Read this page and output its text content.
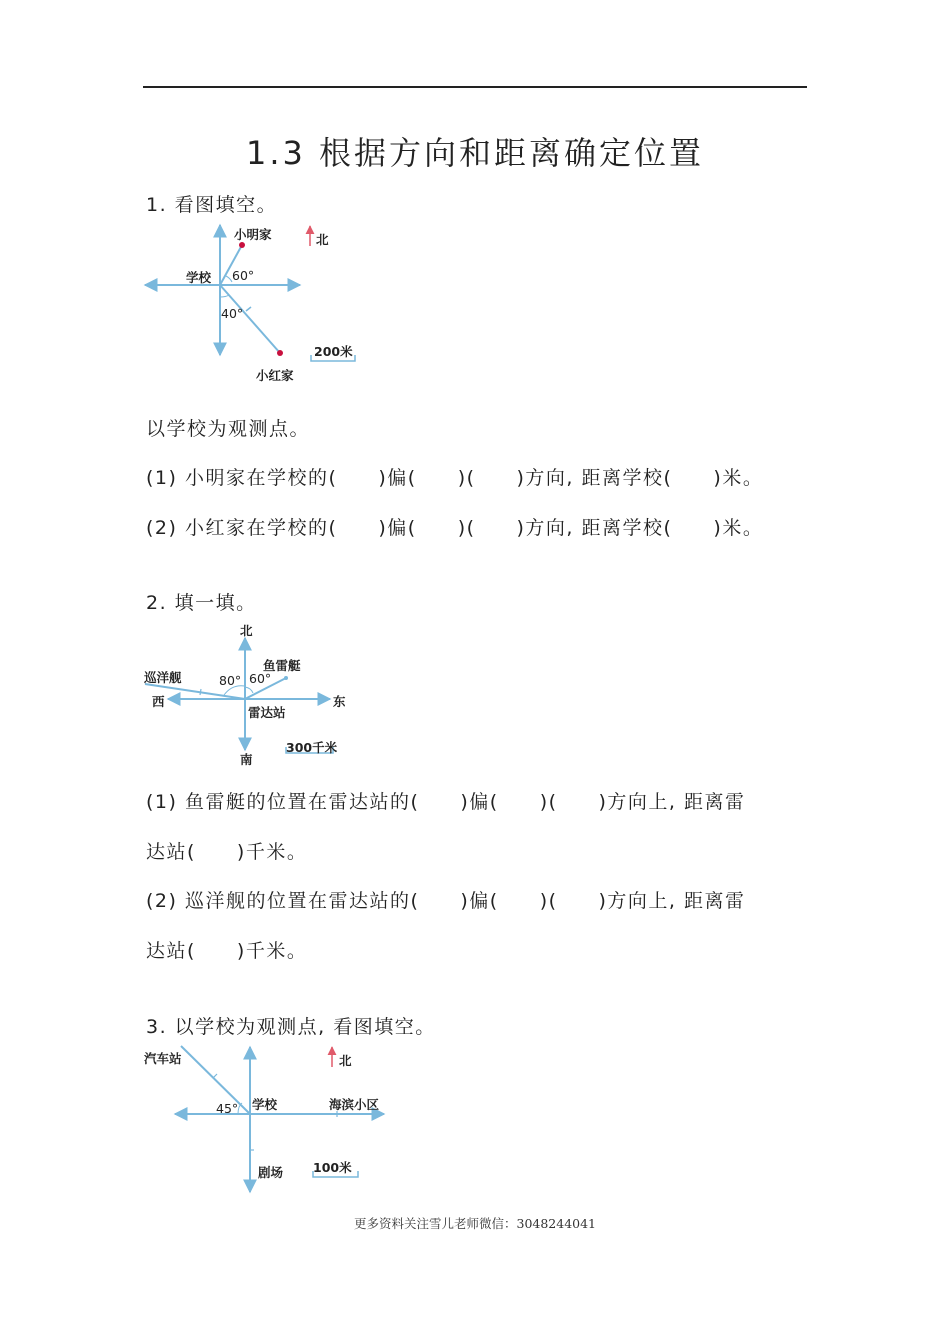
1.3 根据方向和距离确定位置
1. 看图填空。
小明家	北
学校 60°
40°
200米
小红家
以学校为观测点。
(1) 小明家在学校的(　　)偏(　　)(　　)方向, 距离学校(　　)米。
(2) 小红家在学校的(　　)偏(　　)(　　)方向, 距离学校(　　)米。
2. 填一填。
北
鱼雷艇
巡洋舰	80° 60°
西	东
雷达站
300千米
南
(1) 鱼雷艇的位置在雷达站的(　　)偏(　　)(　　)方向上, 距离雷
达站(　　)千米。
(2) 巡洋舰的位置在雷达站的(　　)偏(　　)(　　)方向上, 距离雷
达站(　　)千米。
3. 以学校为观测点, 看图填空。
汽车站	北
学校	海滨小区
45°
100米
剧场
更多资料关注雪儿老师微信：3048244041
